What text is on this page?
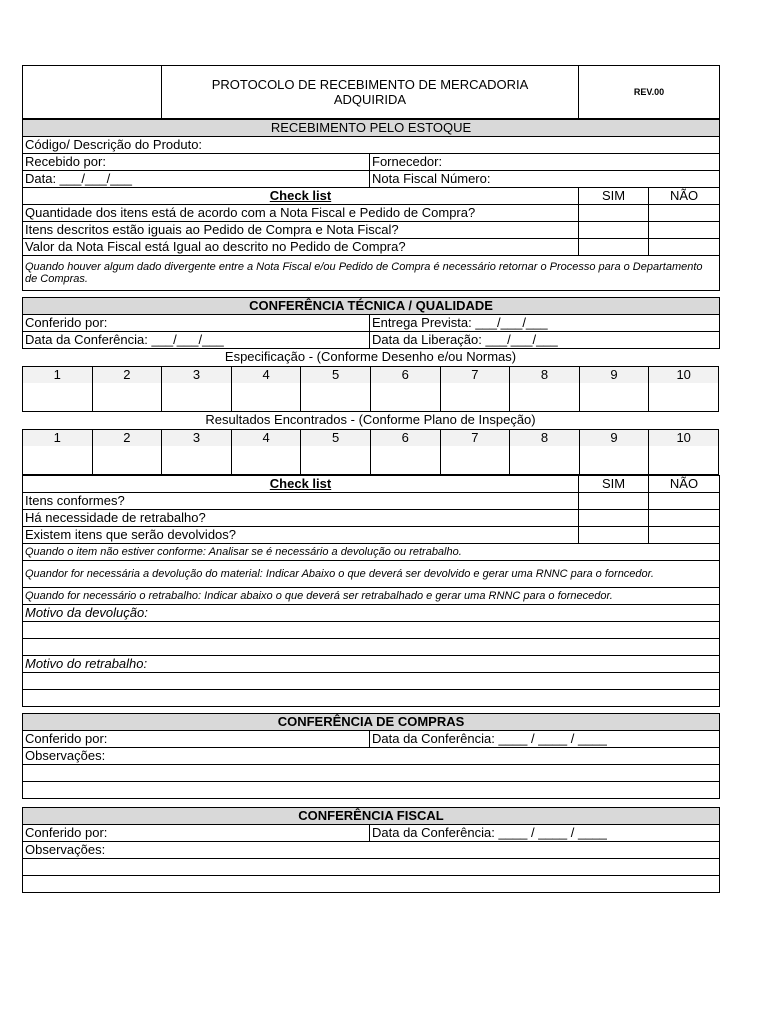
	PROTOCOLO DE RECEBIMENTO DE MERCADORIA
ADQUIRIDA	REV.00
RECEBIMENTO PELO ESTOQUE			
Código/ Descrição do Produto:			
Recebido por:	Fornecedor:		
Data: ___/___/___	Nota Fiscal Número:		
Check list		SIM	NÃO
Quantidade dos itens está de acordo com a Nota Fiscal e Pedido de Compra?			
Itens descritos estão iguais ao Pedido de Compra e Nota Fiscal?			
Valor da Nota Fiscal está Igual ao descrito no Pedido de Compra?			
Quando houver algum dado divergente entre a Nota Fiscal e/ou Pedido de Compra é necessário retornar o Processo para o Departamento de Compras.			
CONFERÊNCIA TÉCNICA / QUALIDADE	
Conferido por:	Entrega Prevista: ___/___/___
Data da Conferência: ___/___/___	Data da Liberação: ___/___/___
Especificação - (Conforme Desenho e/ou Normas)
1	2	3	4	5	6	7	8	9	10

Resultados Encontrados - (Conforme Plano de Inspeção)
1	2	3	4	5	6	7	8	9	10

Check list	SIM	NÃO
Itens conformes?		
Há necessidade de retrabalho?		
Existem itens que serão devolvidos?		
Quando o item não estiver conforme: Analisar se é necessário a devolução ou retrabalho.		
Quandor for necessária a devolução do material: Indicar Abaixo o que deverá ser devolvido e gerar uma RNNC para o forncedor.		
Quando for necessário o retrabalho: Indicar abaixo o que deverá ser retrabalhado e gerar uma RNNC para o fornecedor.		
Motivo da devolução:		

Motivo do retrabalho:		

CONFERÊNCIA DE COMPRAS
Conferido por:	Data da Conferência: ____ / ____ / ____
Observações:

CONFERÊNCIA FISCAL
Conferido por:	Data da Conferência: ____ / ____ / ____
Observações:
